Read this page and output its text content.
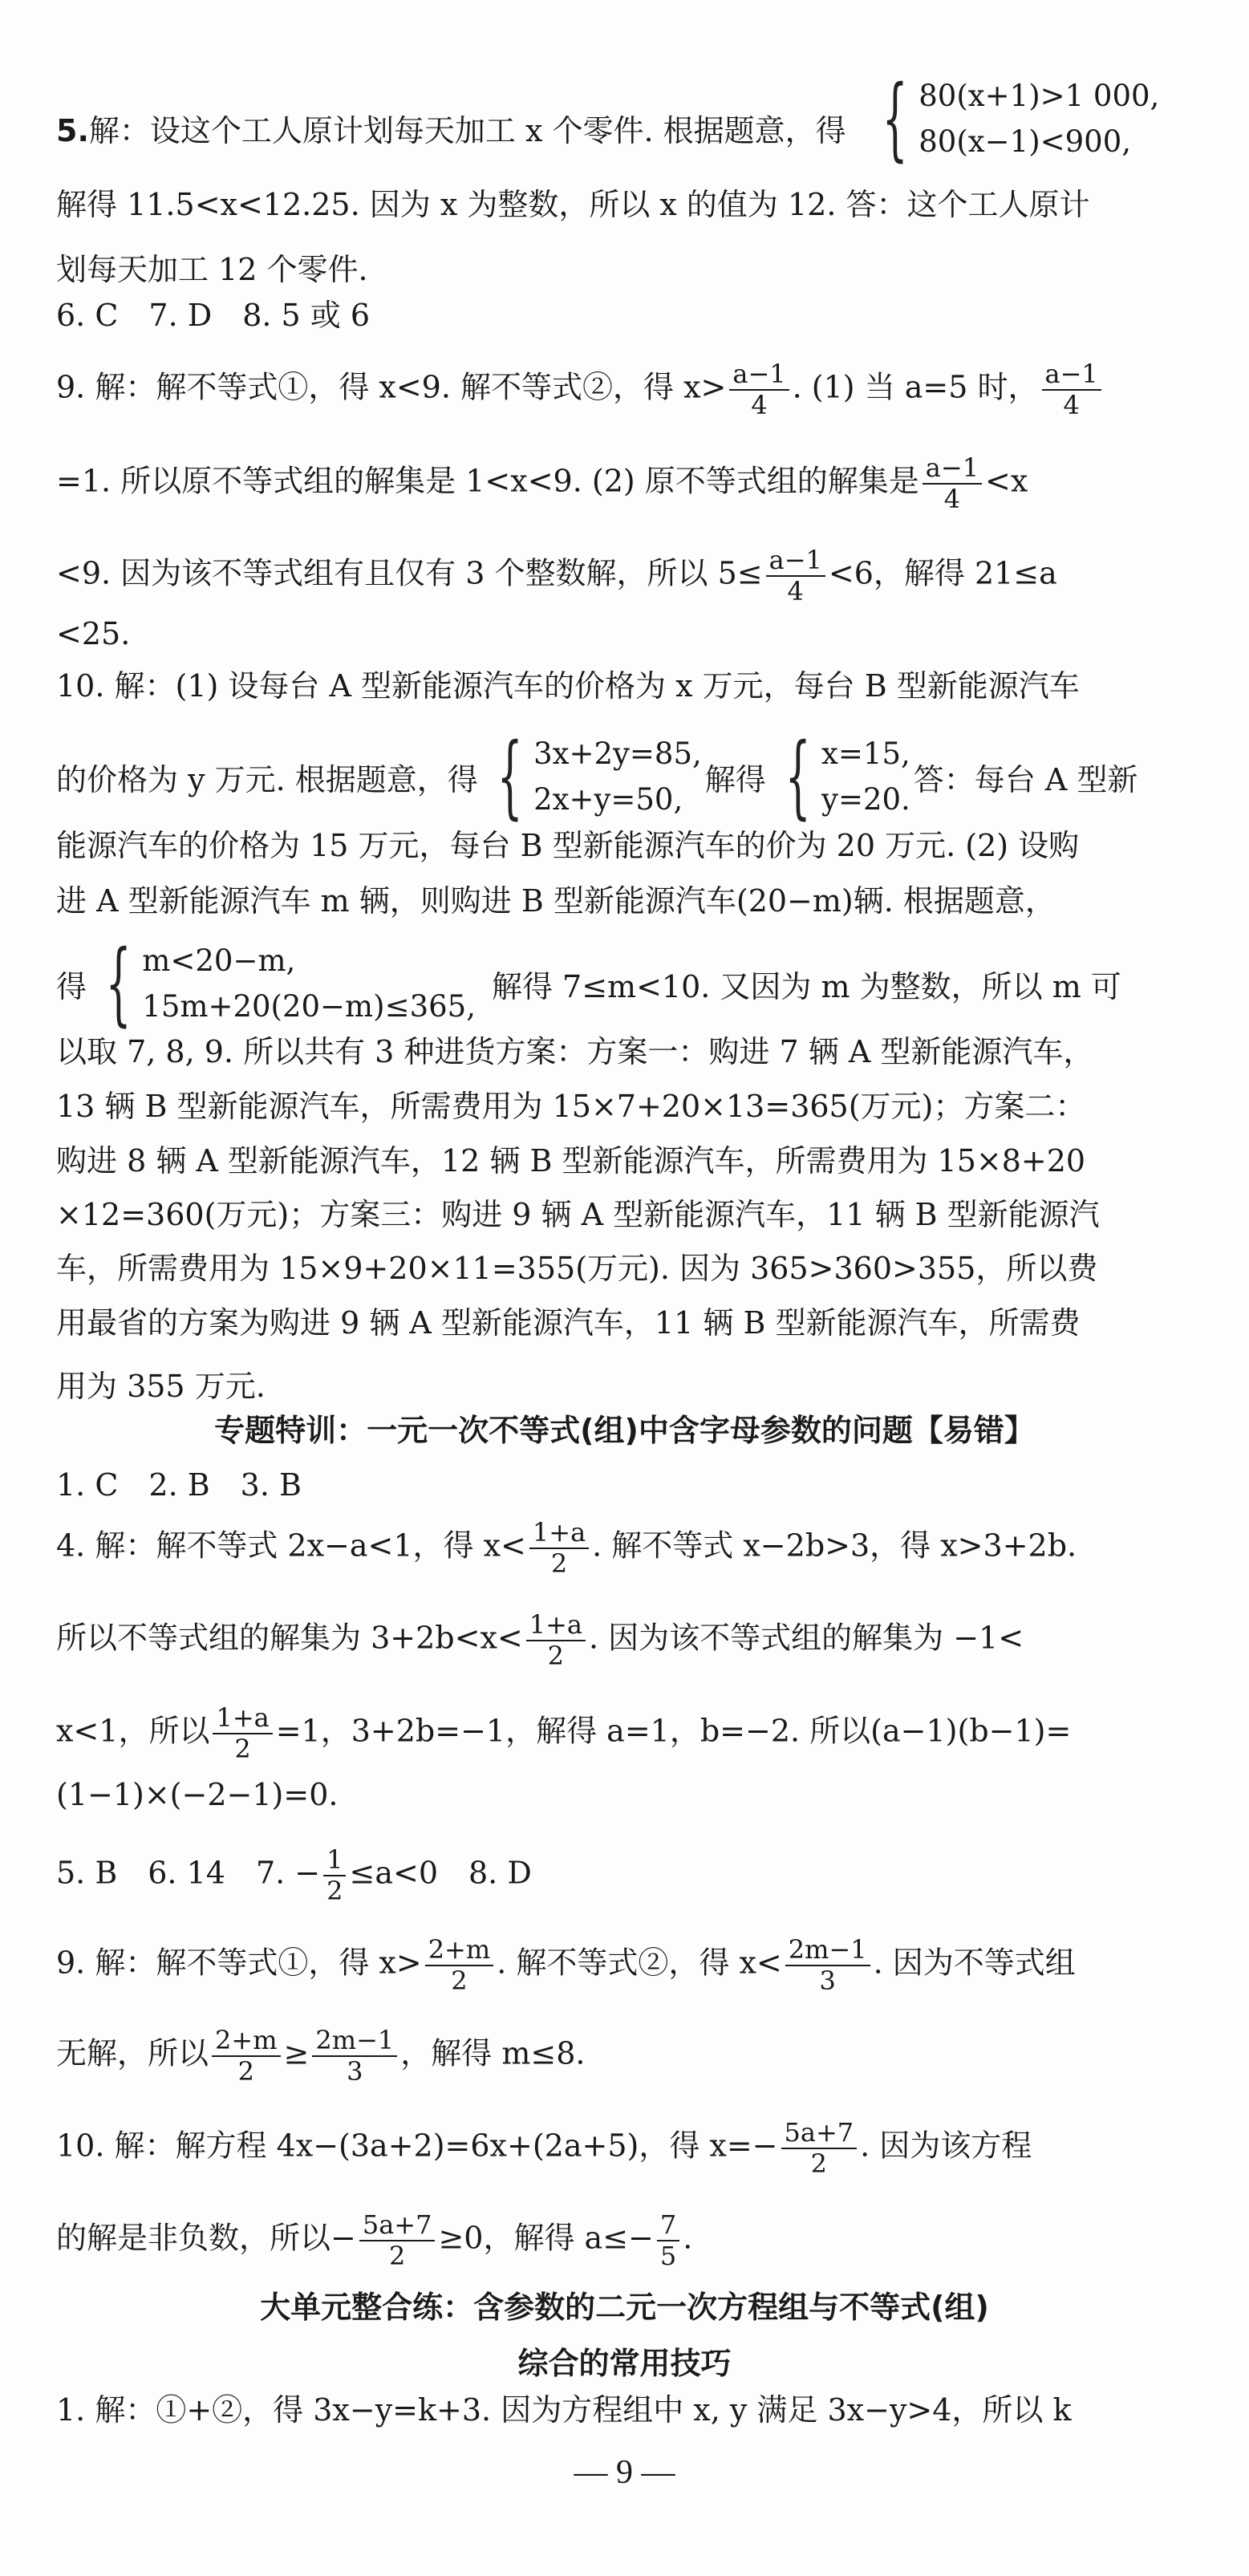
5.解：设这个工人原计划每天加工 x 个零件. 根据题意，得 { 80(x+1)>1 000,
80(x−1)<900,
解得 11.5<x<12.25. 因为 x 为整数，所以 x 的值为 12. 答：这个工人原计
划每天加工 12 个零件.
6. C　7. D　8. 5 或 6
9. 解：解不等式①，得 x<9. 解不等式②，得 $x> \frac{a-1}{4}$ . (1) 当 a=5 时， $\frac{a-1}{4}$
=1. 所以原不等式组的解集是 1<x<9. (2) 原不等式组的解集是 $\frac{a-1}{4} <x$
<9. 因为该不等式组有且仅有 3 个整数解，所以 $5\le \frac{a-1}{4} <6$，解得 21≤a
<25.
10. 解：(1) 设每台 A 型新能源汽车的价格为 x 万元，每台 B 型新能源汽车
的价格为 y 万元. 根据题意，得 { 3x+2y=85,
2x+y=50,
解得 { x=15,
y=20.
答：每台 A 型新
能源汽车的价格为 15 万元，每台 B 型新能源汽车的价为 20 万元. (2) 设购
进 A 型新能源汽车 m 辆，则购进 B 型新能源汽车(20−m)辆. 根据题意，
得 { m<20−m,
15m+20(20−m)≤365,
解得 7≤m<10. 又因为 m 为整数，所以 m 可
以取 7, 8, 9. 所以共有 3 种进货方案：方案一：购进 7 辆 A 型新能源汽车，
13 辆 B 型新能源汽车，所需费用为 15×7+20×13=365(万元)；方案二：
购进 8 辆 A 型新能源汽车，12 辆 B 型新能源汽车，所需费用为 15×8+20
×12=360(万元)；方案三：购进 9 辆 A 型新能源汽车，11 辆 B 型新能源汽
车，所需费用为 15×9+20×11=355(万元). 因为 365>360>355，所以费
用最省的方案为购进 9 辆 A 型新能源汽车，11 辆 B 型新能源汽车，所需费
用为 355 万元.
专题特训：一元一次不等式(组)中含字母参数的问题【易错】
1. C　2. B　3. B
4. 解：解不等式 2x−a<1，得 $x< \frac{1+a}{2}$ . 解不等式 x−2b>3，得 x>3+2b.
所以不等式组的解集为 $3+2b<x< \frac{1+a}{2}$ . 因为该不等式组的解集为 −1<
x<1，所以 $\frac{1+a}{2} =1$，3+2b=−1，解得 a=1，b=−2. 所以(a−1)(b−1)=
(1−1)×(−2−1)=0.
5. B　6. 14　7. − $\frac{1}{2} \le a<0$　8. D
9. 解：解不等式①，得 $x> \frac{2+m}{2}$ . 解不等式②，得 $x< \frac{2m-1}{3}$ . 因为不等式组
无解，所以 $\frac{2+m}{2} \ge \frac{2m-1}{3}$ ，解得 m≤8.
10. 解：解方程 4x−(3a+2)=6x+(2a+5)，得 $x=- \frac{5a+7}{2}$ . 因为该方程
的解是非负数，所以− $\frac{5a+7}{2} \ge 0$，解得 $a\le- \frac{7}{5}$ .
大单元整合练：含参数的二元一次方程组与不等式(组)
综合的常用技巧
1. 解：①+②，得 3x−y=k+3. 因为方程组中 x, y 满足 3x−y>4，所以 k
— 9 —
